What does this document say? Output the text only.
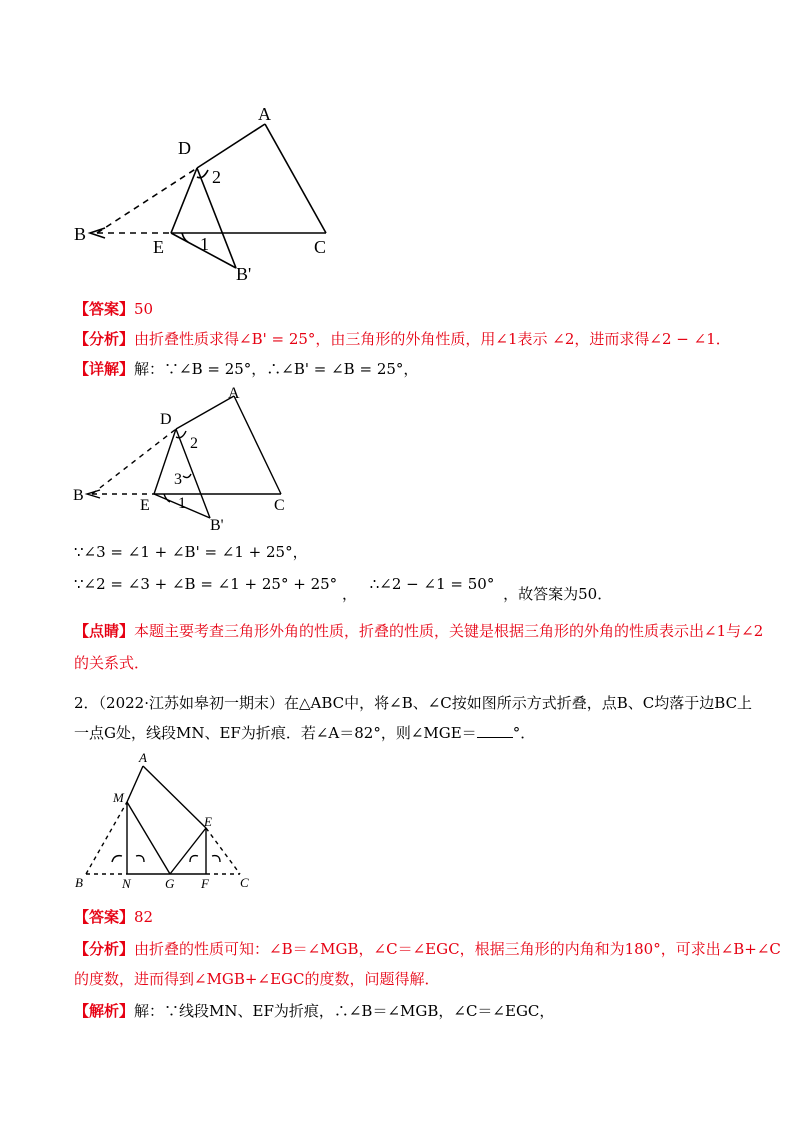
A
D
2
B
E 1	C
B'
【答案】50
【分析】由折叠性质求得∠B' = 25°，由三角形的外角性质，用∠1表示 ∠2，进而求得∠2 − ∠1．
【详解】解：∵∠B = 25°，∴∠B' = ∠B = 25°，
A
D
2
3
B
E 1	C
B'
∵∠3 = ∠1 + ∠B' = ∠1 + 25°，
∵∠2 = ∠3 + ∠B = ∠1 + 25° + 25° ， ∴∠2 − ∠1 = 50° ，故答案为50．
【点睛】本题主要考查三角形外角的性质，折叠的性质，关键是根据三角形的外角的性质表示出∠1与∠2
的关系式．
2．（2022·江苏如皋初一期末）在△ABC中，将∠B、∠C按如图所示方式折叠，点B、C均落于边BC上
一点G处，线段MN、EF为折痕．若∠A＝82°，则∠MGE＝ °．
A
M
E
B	N	G F C
【答案】82
【分析】由折叠的性质可知：∠B＝∠MGB，∠C＝∠EGC，根据三角形的内角和为180°，可求出∠B+∠C
的度数，进而得到∠MGB+∠EGC的度数，问题得解．
【解析】解：∵线段MN、EF为折痕，∴∠B＝∠MGB，∠C＝∠EGC，
